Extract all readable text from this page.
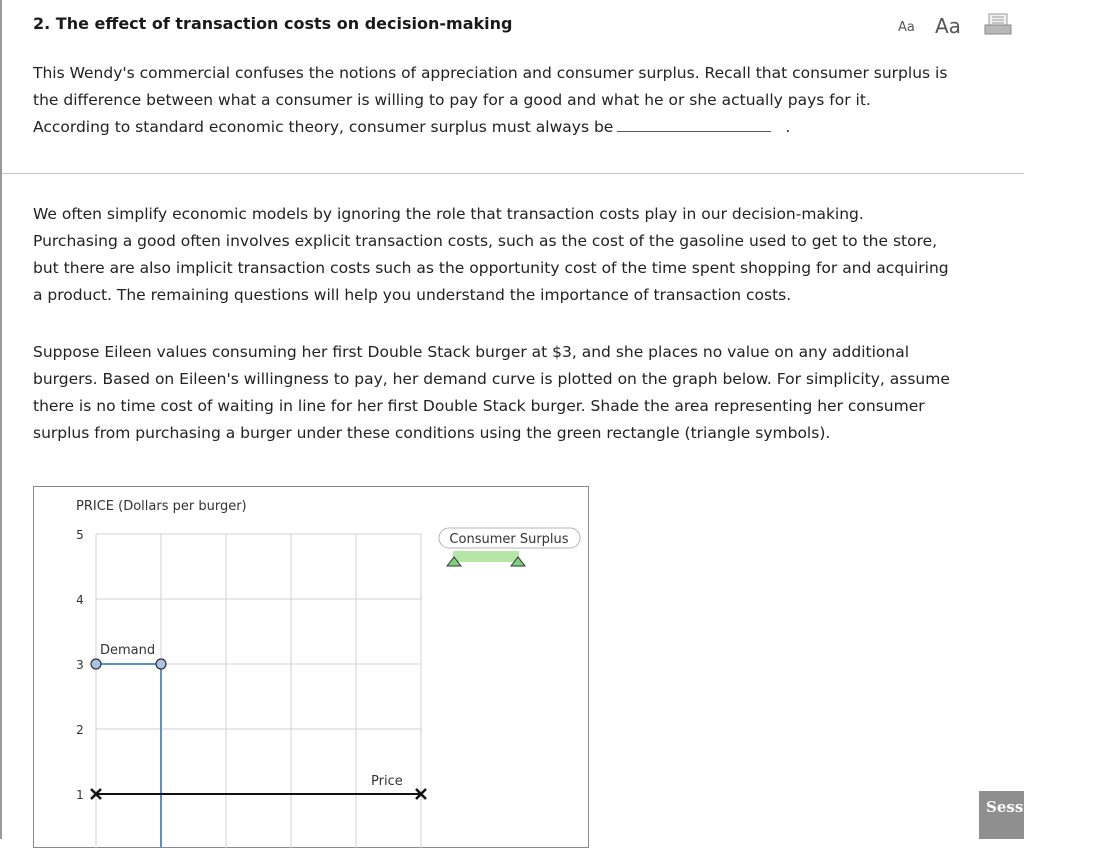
2. The effect of transaction costs on decision-making	Aa Aa
This Wendy's commercial confuses the notions of appreciation and consumer surplus. Recall that consumer surplus is
the difference between what a consumer is willing to pay for a good and what he or she actually pays for it.
According to standard economic theory, consumer surplus must always be	.
We often simplify economic models by ignoring the role that transaction costs play in our decision-making.
Purchasing a good often involves explicit transaction costs, such as the cost of the gasoline used to get to the store,
but there are also implicit transaction costs such as the opportunity cost of the time spent shopping for and acquiring
a product. The remaining questions will help you understand the importance of transaction costs.
Suppose Eileen values consuming her first Double Stack burger at $3, and she places no value on any additional
burgers. Based on Eileen's willingness to pay, her demand curve is plotted on the graph below. For simplicity, assume
there is no time cost of waiting in line for her first Double Stack burger. Shade the area representing her consumer
surplus from purchasing a burger under these conditions using the green rectangle (triangle symbols).
PRICE (Dollars per burger)
5
4
3
2
1
Demand
Price
Consumer Surplus
Session Time
